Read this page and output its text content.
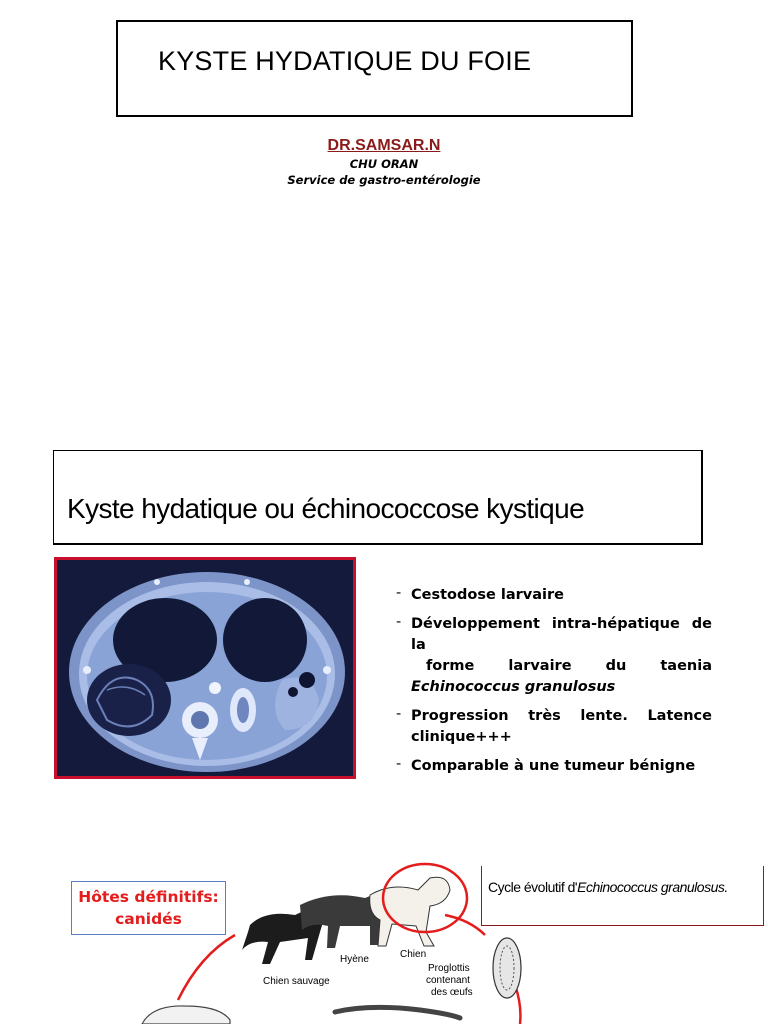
KYSTE HYDATIQUE DU FOIE
DR.SAMSAR.N
CHU ORAN
Service de gastro-entérologie
Kyste hydatique ou échinococcose kystique
- Cestodose larvaire
- Développement intra-hépatique de la
forme larvaire du taenia
Echinococcus granulosus
- Progression très lente. Latence clinique+++
- Comparable à une tumeur bénigne
Hôtes définitifs:
canidés
Cycle évolutif d'Echinococcus granulosus.
Chien sauvage
Hyène	Chien
Proglottis
contenant
des œufs
